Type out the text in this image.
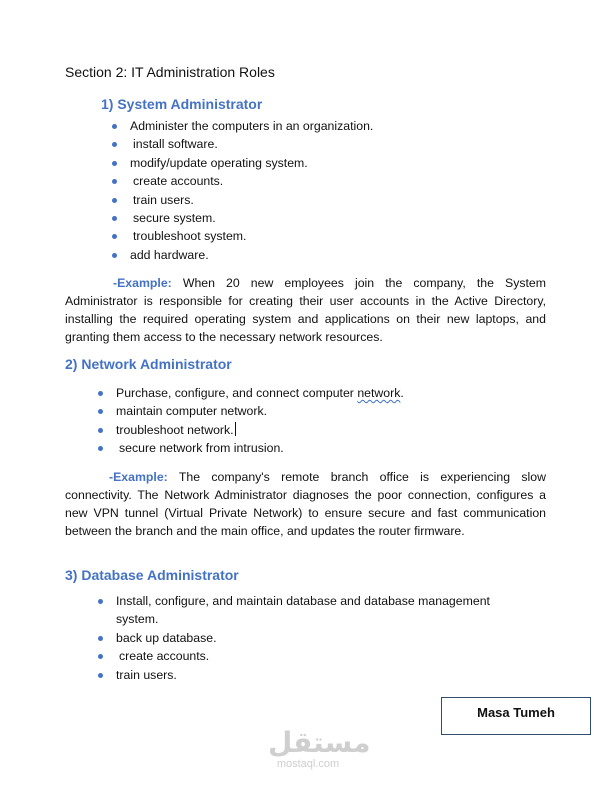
Section 2: IT Administration Roles
1) System Administrator
Administer the computers in an organization.
install software.
modify/update operating system.
create accounts.
train users.
secure system.
troubleshoot system.
add hardware.
-Example: When 20 new employees join the company, the System Administrator is responsible for creating their user accounts in the Active Directory, installing the required operating system and applications on their new laptops, and granting them access to the necessary network resources.
2) Network Administrator
Purchase, configure, and connect computer network.
maintain computer network.
troubleshoot network.
secure network from intrusion.
-Example: The company's remote branch office is experiencing slow connectivity. The Network Administrator diagnoses the poor connection, configures a new VPN tunnel (Virtual Private Network) to ensure secure and fast communication between the branch and the main office, and updates the router firmware.
3) Database Administrator
Install, configure, and maintain database and database management
system.
back up database.
create accounts.
train users.
Masa Tumeh
مستقل
mostaql.com
